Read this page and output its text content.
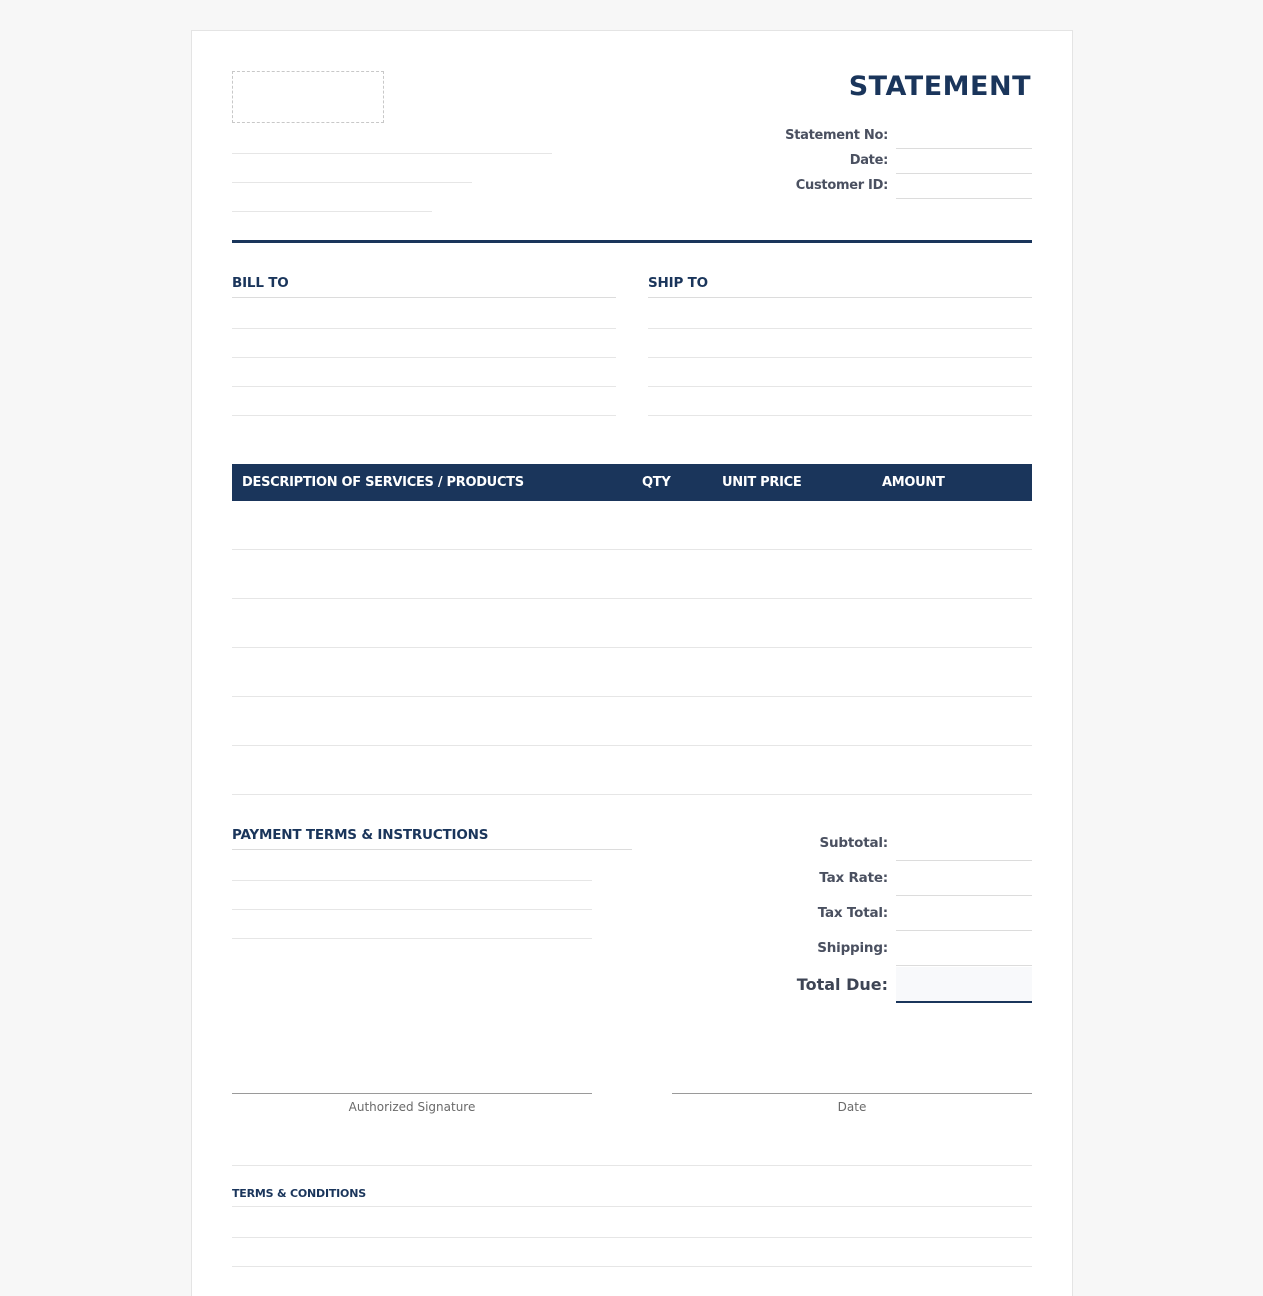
STATEMENT
Statement No:
Date:
Customer ID:
BILL TO	SHIP TO
DESCRIPTION OF SERVICES / PRODUCTS	QTY	UNIT PRICE	AMOUNT
PAYMENT TERMS & INSTRUCTIONS	Subtotal:
Tax Rate:
Tax Total:
Shipping:
Total Due:
Authorized Signature	Date
TERMS & CONDITIONS
